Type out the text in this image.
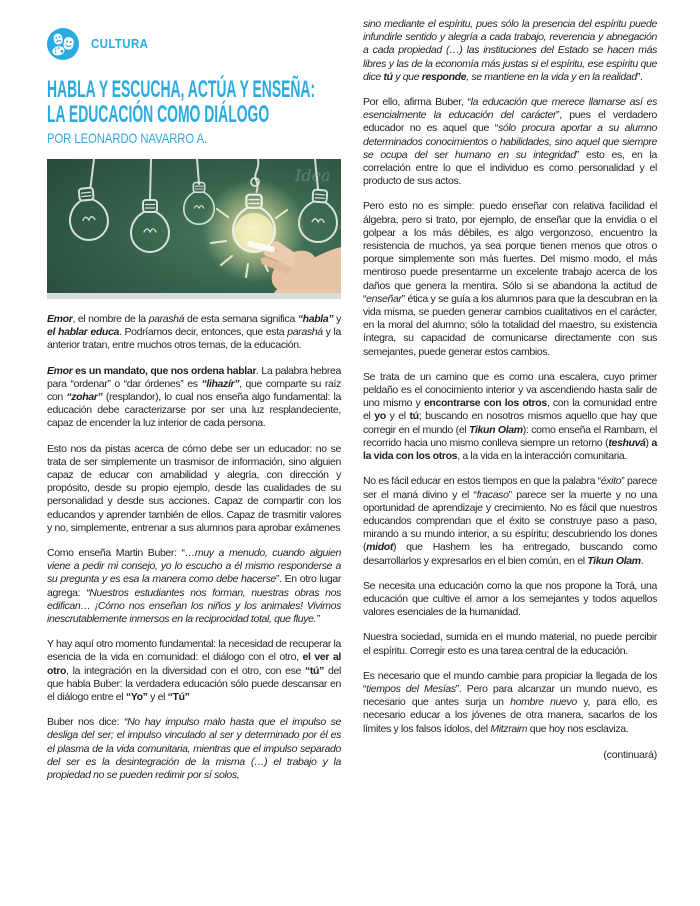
CULTURA
HABLA Y ESCUCHA, ACTÚA Y ENSEÑA:
LA EDUCACIÓN COMO DIÁLOGO
POR LEONARDO NAVARRO A.
Idea

Emor, el nombre de la parashá de esta semana significa “habla” y el hablar educa. Podríamos decir, entonces, que esta parashá y la anterior tratan, entre muchos otros temas, de la educación.

Emor es un mandato, que nos ordena hablar. La palabra hebrea para “ordenar” o “dar órdenes” es “lihazír”, que comparte su raíz con “zohar” (resplandor), lo cual nos enseña algo fundamental: la educación debe caracterizarse por ser una luz resplandeciente, capaz de encender la luz interior de cada persona.

Esto nos da pistas acerca de cómo debe ser un educador: no se trata de ser simplemente un trasmisor de información, sino alguien capaz de educar con amabilidad y alegría, con dirección y propósito, desde su propio ejemplo, desde las cualidades de su personalidad y desde sus acciones. Capaz de compartir con los educandos y aprender también de ellos. Capaz de trasmitir valores y no, simplemente, entrenar a sus alumnos para aprobar exámenes

Como enseña Martin Buber: “…muy a menudo, cuando alguien viene a pedir mi consejo, yo lo escucho a él mismo responderse a su pregunta y es esa la manera como debe hacerse”. En otro lugar agrega: “Nuestros estudiantes nos forman, nuestras obras nos edifican… ¡Cómo nos enseñan los niños y los animales! Vivimos inescrutablemente inmersos en la reciprocidad total, que fluye.”

Y hay aquí otro momento fundamental: la necesidad de recuperar la esencia de la vida en comunidad: el diálogo con el otro, el ver al otro, la integración en la diversidad con el otro, con ese “tú” del que habla Buber: la verdadera educación sólo puede descansar en el diálogo entre el “Yo” y el “Tú”

Buber nos dice: “No hay impulso malo hasta que el impulso se desliga del ser; el impulso vinculado al ser y determinado por él es el plasma de la vida comunitaria, mientras que el impulso separado del ser es la desintegración de la misma (…) el trabajo y la propiedad no se pueden redimir por sí solos,

sino mediante el espíritu, pues sólo la presencia del espíritu puede infundirle sentido y alegría a cada trabajo, reverencia y abnegación a cada propiedad (…) las instituciones del Estado se hacen más libres y las de la economía más justas si el espíritu, ese espíritu que dice tú y que responde, se mantiene en la vida y en la realidad”.

Por ello, afirma Buber, “la educación que merece llamarse así es esencialmente la educación del carácter”, pues el verdadero educador no es aquel que “sólo procura aportar a su alumno determinados conocimientos o habilidades, sino aquel que siempre se ocupa del ser humano en su integridad” esto es, en la correlación entre lo que el individuo es como personalidad y el producto de sus actos.

Pero esto no es simple: puedo enseñar con relativa facilidad el álgebra, pero si trato, por ejemplo, de enseñar que la envidia o el golpear a los más débiles, es algo vergonzoso, encuentro la resistencia de muchos, ya sea porque tienen menos que otros o porque simplemente son más fuertes. Del mismo modo, el más mentiroso puede presentarme un excelente trabajo acerca de los daños que genera la mentira. Sólo si se abandona la actitud de “enseñar” ética y se guía a los alumnos para que la descubran en la vida misma, se pueden generar cambios cualitativos en el carácter, en la moral del alumno; sólo la totalidad del maestro, su existencia íntegra, su capacidad de comunicarse directamente con sus semejantes, puede generar estos cambios.

Se trata de un camino que es como una escalera, cuyo primer peldaño es el conocimiento interior y va ascendiendo hasta salir de uno mismo y encontrarse con los otros, con la comunidad entre el yo y el tú; buscando en nosotros mismos aquello que hay que corregir en el mundo (el Tikun Olam): como enseña el Rambam, el recorrido hacia uno mismo conlleva siempre un retorno (teshuvá) a la vida con los otros, a la vida en la interacción comunitaria.

No es fácil educar en estos tiempos en que la palabra “éxito” parece ser el maná divino y el “fracaso” parece ser la muerte y no una oportunidad de aprendizaje y crecimiento. No es fácil que nuestros educandos comprendan que el éxito se construye paso a paso, mirando a su mundo interior, a su espíritu; descubriendo los dones (midot) que Hashem les ha entregado, buscando como desarrollarlos y expresarlos en el bien común, en el Tikun Olam.

Se necesita una educación como la que nos propone la Torá, una educación que cultive el amor a los semejantes y todos aquellos valores esenciales de la humanidad.

Nuestra sociedad, sumida en el mundo material, no puede percibir el espíritu. Corregir esto es una tarea central de la educación.

Es necesario que el mundo cambie para propiciar la llegada de los “tiempos del Mesías”. Pero para alcanzar un mundo nuevo, es necesario que antes surja un hombre nuevo y, para ello, es necesario educar a los jóvenes de otra manera, sacarlos de los límites y los falsos ídolos, del Mitzraim que hoy nos esclaviza.

(continuará)
